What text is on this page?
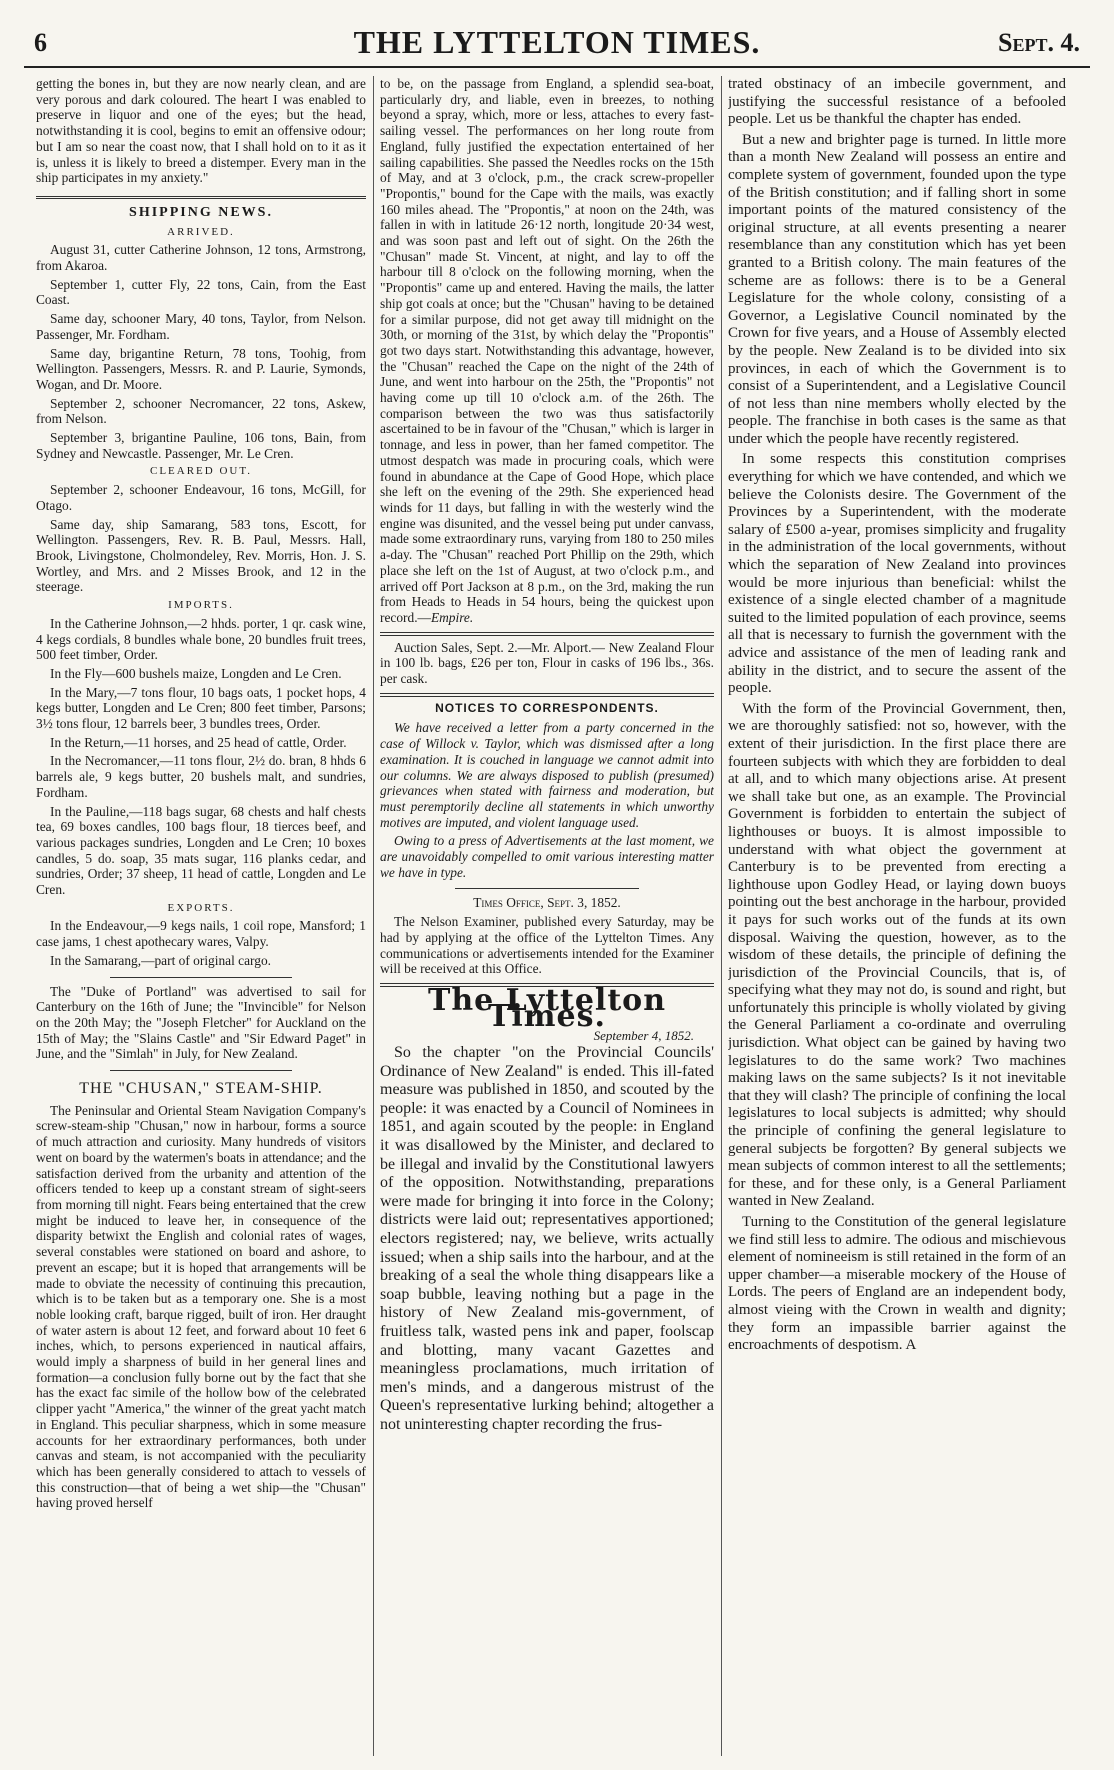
6	THE LYTTELTON TIMES.	Sept. 4.

getting the bones in, but they are now nearly clean, and are very porous and dark coloured. The heart I was enabled to preserve in liquor and one of the eyes; but the head, notwithstanding it is cool, begins to emit an offensive odour; but I am so near the coast now, that I shall hold on to it as it is, unless it is likely to breed a distemper. Every man in the ship participates in my anxiety."

SHIPPING NEWS.
ARRIVED.

August 31, cutter Catherine Johnson, 12 tons, Armstrong, from Akaroa.

September 1, cutter Fly, 22 tons, Cain, from the East Coast.

Same day, schooner Mary, 40 tons, Taylor, from Nelson. Passenger, Mr. Fordham.

Same day, brigantine Return, 78 tons, Toohig, from Wellington. Passengers, Messrs. R. and P. Laurie, Symonds, Wogan, and Dr. Moore.

September 2, schooner Necromancer, 22 tons, Askew, from Nelson.

September 3, brigantine Pauline, 106 tons, Bain, from Sydney and Newcastle. Passenger, Mr. Le Cren.

CLEARED OUT.

September 2, schooner Endeavour, 16 tons, McGill, for Otago.

Same day, ship Samarang, 583 tons, Escott, for Wellington. Passengers, Rev. R. B. Paul, Messrs. Hall, Brook, Livingstone, Cholmondeley, Rev. Morris, Hon. J. S. Wortley, and Mrs. and 2 Misses Brook, and 12 in the steerage.

IMPORTS.

In the Catherine Johnson,—2 hhds. porter, 1 qr. cask wine, 4 kegs cordials, 8 bundles whale bone, 20 bundles fruit trees, 500 feet timber, Order.

In the Fly—600 bushels maize, Longden and Le Cren.

In the Mary,—7 tons flour, 10 bags oats, 1 pocket hops, 4 kegs butter, Longden and Le Cren; 800 feet timber, Parsons; 3½ tons flour, 12 barrels beer, 3 bundles trees, Order.

In the Return,—11 horses, and 25 head of cattle, Order.

In the Necromancer,—11 tons flour, 2½ do. bran, 8 hhds 6 barrels ale, 9 kegs butter, 20 bushels malt, and sundries, Fordham.

In the Pauline,—118 bags sugar, 68 chests and half chests tea, 69 boxes candles, 100 bags flour, 18 tierces beef, and various packages sundries, Longden and Le Cren; 10 boxes candles, 5 do. soap, 35 mats sugar, 116 planks cedar, and sundries, Order; 37 sheep, 11 head of cattle, Longden and Le Cren.

EXPORTS.

In the Endeavour,—9 kegs nails, 1 coil rope, Mansford; 1 case jams, 1 chest apothecary wares, Valpy.

In the Samarang,—part of original cargo.

The "Duke of Portland" was advertised to sail for Canterbury on the 16th of June; the "Invincible" for Nelson on the 20th May; the "Joseph Fletcher" for Auckland on the 15th of May; the "Slains Castle" and "Sir Edward Paget" in June, and the "Simlah" in July, for New Zealand.

THE "CHUSAN," STEAM-SHIP.

The Peninsular and Oriental Steam Navigation Company's screw-steam-ship "Chusan," now in harbour, forms a source of much attraction and curiosity. Many hundreds of visitors went on board by the watermen's boats in attendance; and the satisfaction derived from the urbanity and attention of the officers tended to keep up a constant stream of sight-seers from morning till night. Fears being entertained that the crew might be induced to leave her, in consequence of the disparity betwixt the English and colonial rates of wages, several constables were stationed on board and ashore, to prevent an escape; but it is hoped that arrangements will be made to obviate the necessity of continuing this precaution, which is to be taken but as a temporary one. She is a most noble looking craft, barque rigged, built of iron. Her draught of water astern is about 12 feet, and forward about 10 feet 6 inches, which, to persons experienced in nautical affairs, would imply a sharpness of build in her general lines and formation—a conclusion fully borne out by the fact that she has the exact fac simile of the hollow bow of the celebrated clipper yacht "America," the winner of the great yacht match in England. This peculiar sharpness, which in some measure accounts for her extraordinary performances, both under canvas and steam, is not accompanied with the peculiarity which has been generally considered to attach to vessels of this construction—that of being a wet ship—the "Chusan" having proved herself

to be, on the passage from England, a splendid sea-boat, particularly dry, and liable, even in breezes, to nothing beyond a spray, which, more or less, attaches to every fast-sailing vessel. The performances on her long route from England, fully justified the expectation entertained of her sailing capabilities. She passed the Needles rocks on the 15th of May, and at 3 o'clock, p.m., the crack screw-propeller "Propontis," bound for the Cape with the mails, was exactly 160 miles ahead. The "Propontis," at noon on the 24th, was fallen in with in latitude 26·12 north, longitude 20·34 west, and was soon past and left out of sight. On the 26th the "Chusan" made St. Vincent, at night, and lay to off the harbour till 8 o'clock on the following morning, when the "Propontis" came up and entered. Having the mails, the latter ship got coals at once; but the "Chusan" having to be detained for a similar purpose, did not get away till midnight on the 30th, or morning of the 31st, by which delay the "Propontis" got two days start. Notwithstanding this advantage, however, the "Chusan" reached the Cape on the night of the 24th of June, and went into harbour on the 25th, the "Propontis" not having come up till 10 o'clock a.m. of the 26th. The comparison between the two was thus satisfactorily ascertained to be in favour of the "Chusan," which is larger in tonnage, and less in power, than her famed competitor. The utmost despatch was made in procuring coals, which were found in abundance at the Cape of Good Hope, which place she left on the evening of the 29th. She experienced head winds for 11 days, but falling in with the westerly wind the engine was disunited, and the vessel being put under canvass, made some extraordinary runs, varying from 180 to 250 miles a-day. The "Chusan" reached Port Phillip on the 29th, which place she left on the 1st of August, at two o'clock p.m., and arrived off Port Jackson at 8 p.m., on the 3rd, making the run from Heads to Heads in 54 hours, being the quickest upon record.—Empire.

Auction Sales, Sept. 2.—Mr. Alport.— New Zealand Flour in 100 lb. bags, £26 per ton, Flour in casks of 196 lbs., 36s. per cask.

NOTICES TO CORRESPONDENTS.

We have received a letter from a party concerned in the case of Willock v. Taylor, which was dismissed after a long examination. It is couched in language we cannot admit into our columns. We are always disposed to publish (presumed) grievances when stated with fairness and moderation, but must peremptorily decline all statements in which unworthy motives are imputed, and violent language used.

Owing to a press of Advertisements at the last moment, we are unavoidably compelled to omit various interesting matter we have in type.

Times Office, Sept. 3, 1852.

The Nelson Examiner, published every Saturday, may be had by applying at the office of the Lyttelton Times. Any communications or advertisements intended for the Examiner will be received at this Office.

The Lyttelton Times.
September 4, 1852.

So the chapter "on the Provincial Councils' Ordinance of New Zealand" is ended. This ill-fated measure was published in 1850, and scouted by the people: it was enacted by a Council of Nominees in 1851, and again scouted by the people: in England it was disallowed by the Minister, and declared to be illegal and invalid by the Constitutional lawyers of the opposition. Notwithstanding, preparations were made for bringing it into force in the Colony; districts were laid out; representatives apportioned; electors registered; nay, we believe, writs actually issued; when a ship sails into the harbour, and at the breaking of a seal the whole thing disappears like a soap bubble, leaving nothing but a page in the history of New Zealand mis-government, of fruitless talk, wasted pens ink and paper, foolscap and blotting, many vacant Gazettes and meaningless proclamations, much irritation of men's minds, and a dangerous mistrust of the Queen's representative lurking behind; altogether a not uninteresting chapter recording the frus-

trated obstinacy of an imbecile government, and justifying the successful resistance of a befooled people. Let us be thankful the chapter has ended.

But a new and brighter page is turned. In little more than a month New Zealand will possess an entire and complete system of government, founded upon the type of the British constitution; and if falling short in some important points of the matured consistency of the original structure, at all events presenting a nearer resemblance than any constitution which has yet been granted to a British colony. The main features of the scheme are as follows: there is to be a General Legislature for the whole colony, consisting of a Governor, a Legislative Council nominated by the Crown for five years, and a House of Assembly elected by the people. New Zealand is to be divided into six provinces, in each of which the Government is to consist of a Superintendent, and a Legislative Council of not less than nine members wholly elected by the people. The franchise in both cases is the same as that under which the people have recently registered.

In some respects this constitution comprises everything for which we have contended, and which we believe the Colonists desire. The Government of the Provinces by a Superintendent, with the moderate salary of £500 a-year, promises simplicity and frugality in the administration of the local governments, without which the separation of New Zealand into provinces would be more injurious than beneficial: whilst the existence of a single elected chamber of a magnitude suited to the limited population of each province, seems all that is necessary to furnish the government with the advice and assistance of the men of leading rank and ability in the district, and to secure the assent of the people.

With the form of the Provincial Government, then, we are thoroughly satisfied: not so, however, with the extent of their jurisdiction. In the first place there are fourteen subjects with which they are forbidden to deal at all, and to which many objections arise. At present we shall take but one, as an example. The Provincial Government is forbidden to entertain the subject of lighthouses or buoys. It is almost impossible to understand with what object the government at Canterbury is to be prevented from erecting a lighthouse upon Godley Head, or laying down buoys pointing out the best anchorage in the harbour, provided it pays for such works out of the funds at its own disposal. Waiving the question, however, as to the wisdom of these details, the principle of defining the jurisdiction of the Provincial Councils, that is, of specifying what they may not do, is sound and right, but unfortunately this principle is wholly violated by giving the General Parliament a co-ordinate and overruling jurisdiction. What object can be gained by having two legislatures to do the same work? Two machines making laws on the same subjects? Is it not inevitable that they will clash? The principle of confining the local legislatures to local subjects is admitted; why should the principle of confining the general legislature to general subjects be forgotten? By general subjects we mean subjects of common interest to all the settlements; for these, and for these only, is a General Parliament wanted in New Zealand.

Turning to the Constitution of the general legislature we find still less to admire. The odious and mischievous element of nomineeism is still retained in the form of an upper chamber—a miserable mockery of the House of Lords. The peers of England are an independent body, almost vieing with the Crown in wealth and dignity; they form an impassible barrier against the encroachments of despotism. A
